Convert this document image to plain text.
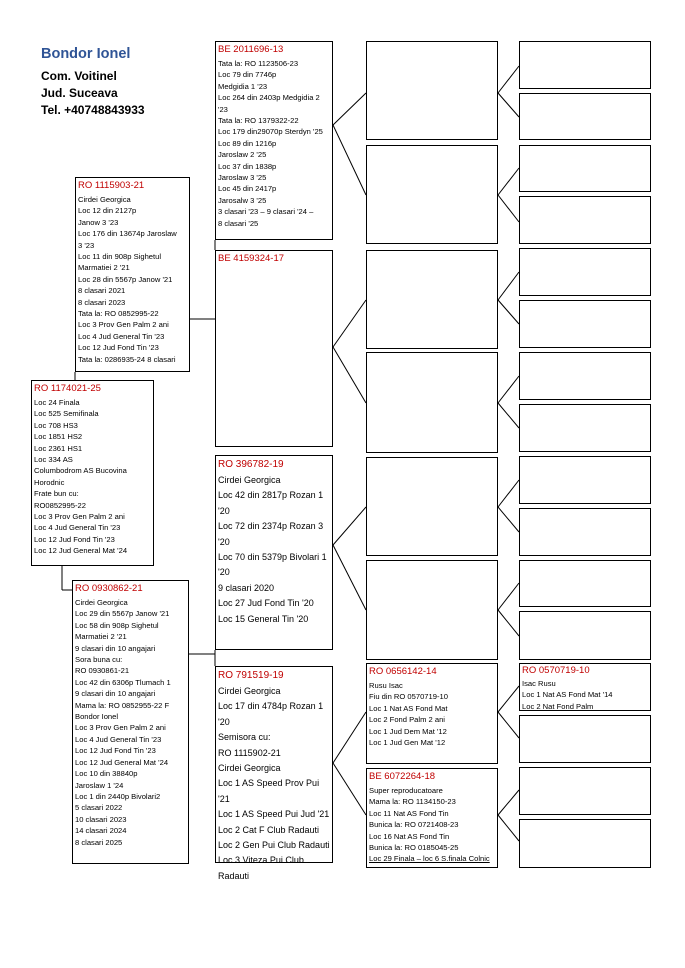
Bondor Ionel
Com. Voitinel
Jud. Suceava
Tel. +40748843933
RO 1174021-25
Loc 24 Finala
Loc 525 Semifinala
Loc 708 HS3
Loc 1851 HS2
Loc 2361 HS1
Loc 334 AS
Columbodrom AS Bucovina
Horodnic
Frate bun cu:
RO0852995-22
Loc 3 Prov Gen Palm 2 ani
Loc 4 Jud General Tin '23
Loc 12 Jud Fond Tin '23
Loc 12 Jud General Mat '24
RO 1115903-21
Cirdei Georgica
Loc 12 din 2127p
Janow 3 '23
Loc 176 din 13674p Jaroslaw
3 '23
Loc 11 din 908p Sighetul
Marmatiei 2 '21
Loc 28 din 5567p Janow '21
8 clasari 2021
8 clasari 2023
Tata la: RO 0852995-22
Loc 3 Prov Gen Palm 2 ani
Loc 4 Jud General Tin '23
Loc 12 Jud Fond Tin '23
Tata la: 0286935-24 8 clasari
RO 0930862-21
Cirdei Georgica
Loc 29 din 5567p Janow '21
Loc 58 din 908p Sighetul
Marmatiei 2 '21
9 clasari din 10 angajari
Sora buna cu:
RO 0930861-21
Loc 42 din 6306p Tlumach 1
9 clasari din 10 angajari
Mama la: RO 0852955-22 F
Bondor Ionel
Loc 3 Prov Gen Palm 2 ani
Loc 4 Jud General Tin '23
Loc 12 Jud Fond Tin '23
Loc 12 Jud General Mat '24
Loc 10 din 38840p
Jaroslaw 1 '24
Loc 1 din 2440p Bivolari2
5 clasari 2022
10 clasari 2023
14 clasari 2024
8 clasari 2025
BE 2011696-13
Tata la: RO 1123506-23
Loc 79 din 7746p
Medgidia 1 '23
Loc 264 din 2403p Medgidia 2
'23
Tata la: RO 1379322-22
Loc 179 din29070p Sterdyn '25
Loc 89 din 1216p
Jaroslaw 2 '25
Loc 37 din 1838p
Jaroslaw 3 '25
Loc 45 din 2417p
Jarosalw 3 '25
3 clasari '23 – 9 clasari '24 –
8 clasari '25
BE 4159324-17
RO 396782-19
Cirdei Georgica
Loc 42 din 2817p Rozan 1
'20
Loc 72 din 2374p Rozan 3
'20
Loc 70 din 5379p Bivolari 1
'20
9 clasari 2020
Loc 27 Jud Fond Tin '20
Loc 15 General Tin '20
RO 791519-19
Cirdei Georgica
Loc 17 din 4784p Rozan 1
'20
Semisora cu:
RO 1115902-21
Cirdei Georgica
Loc 1 AS Speed Prov Pui
'21
Loc 1 AS Speed Pui Jud '21
Loc 2 Cat F Club Radauti
Loc 2 Gen Pui Club Radauti
Loc 3 Viteza Pui Club
Radauti
RO 0656142-14
Rusu Isac
Fiu din RO 0570719-10
Loc 1 Nat AS Fond Mat
Loc 2 Fond Palm 2 ani
Loc 1 Jud Dem Mat '12
Loc 1 Jud Gen Mat '12
BE 6072264-18
Super reproducatoare
Mama la: RO 1134150-23
Loc 11 Nat AS Fond Tin
Bunica la: RO 0721408-23
Loc 16 Nat AS Fond Tin
Bunica la: RO 0185045-25
Loc 29 Finala – loc 6 S.finala Colnic
RO 0570719-10
Isac Rusu
Loc 1 Nat AS Fond Mat '14
Loc 2 Nat Fond Palm
